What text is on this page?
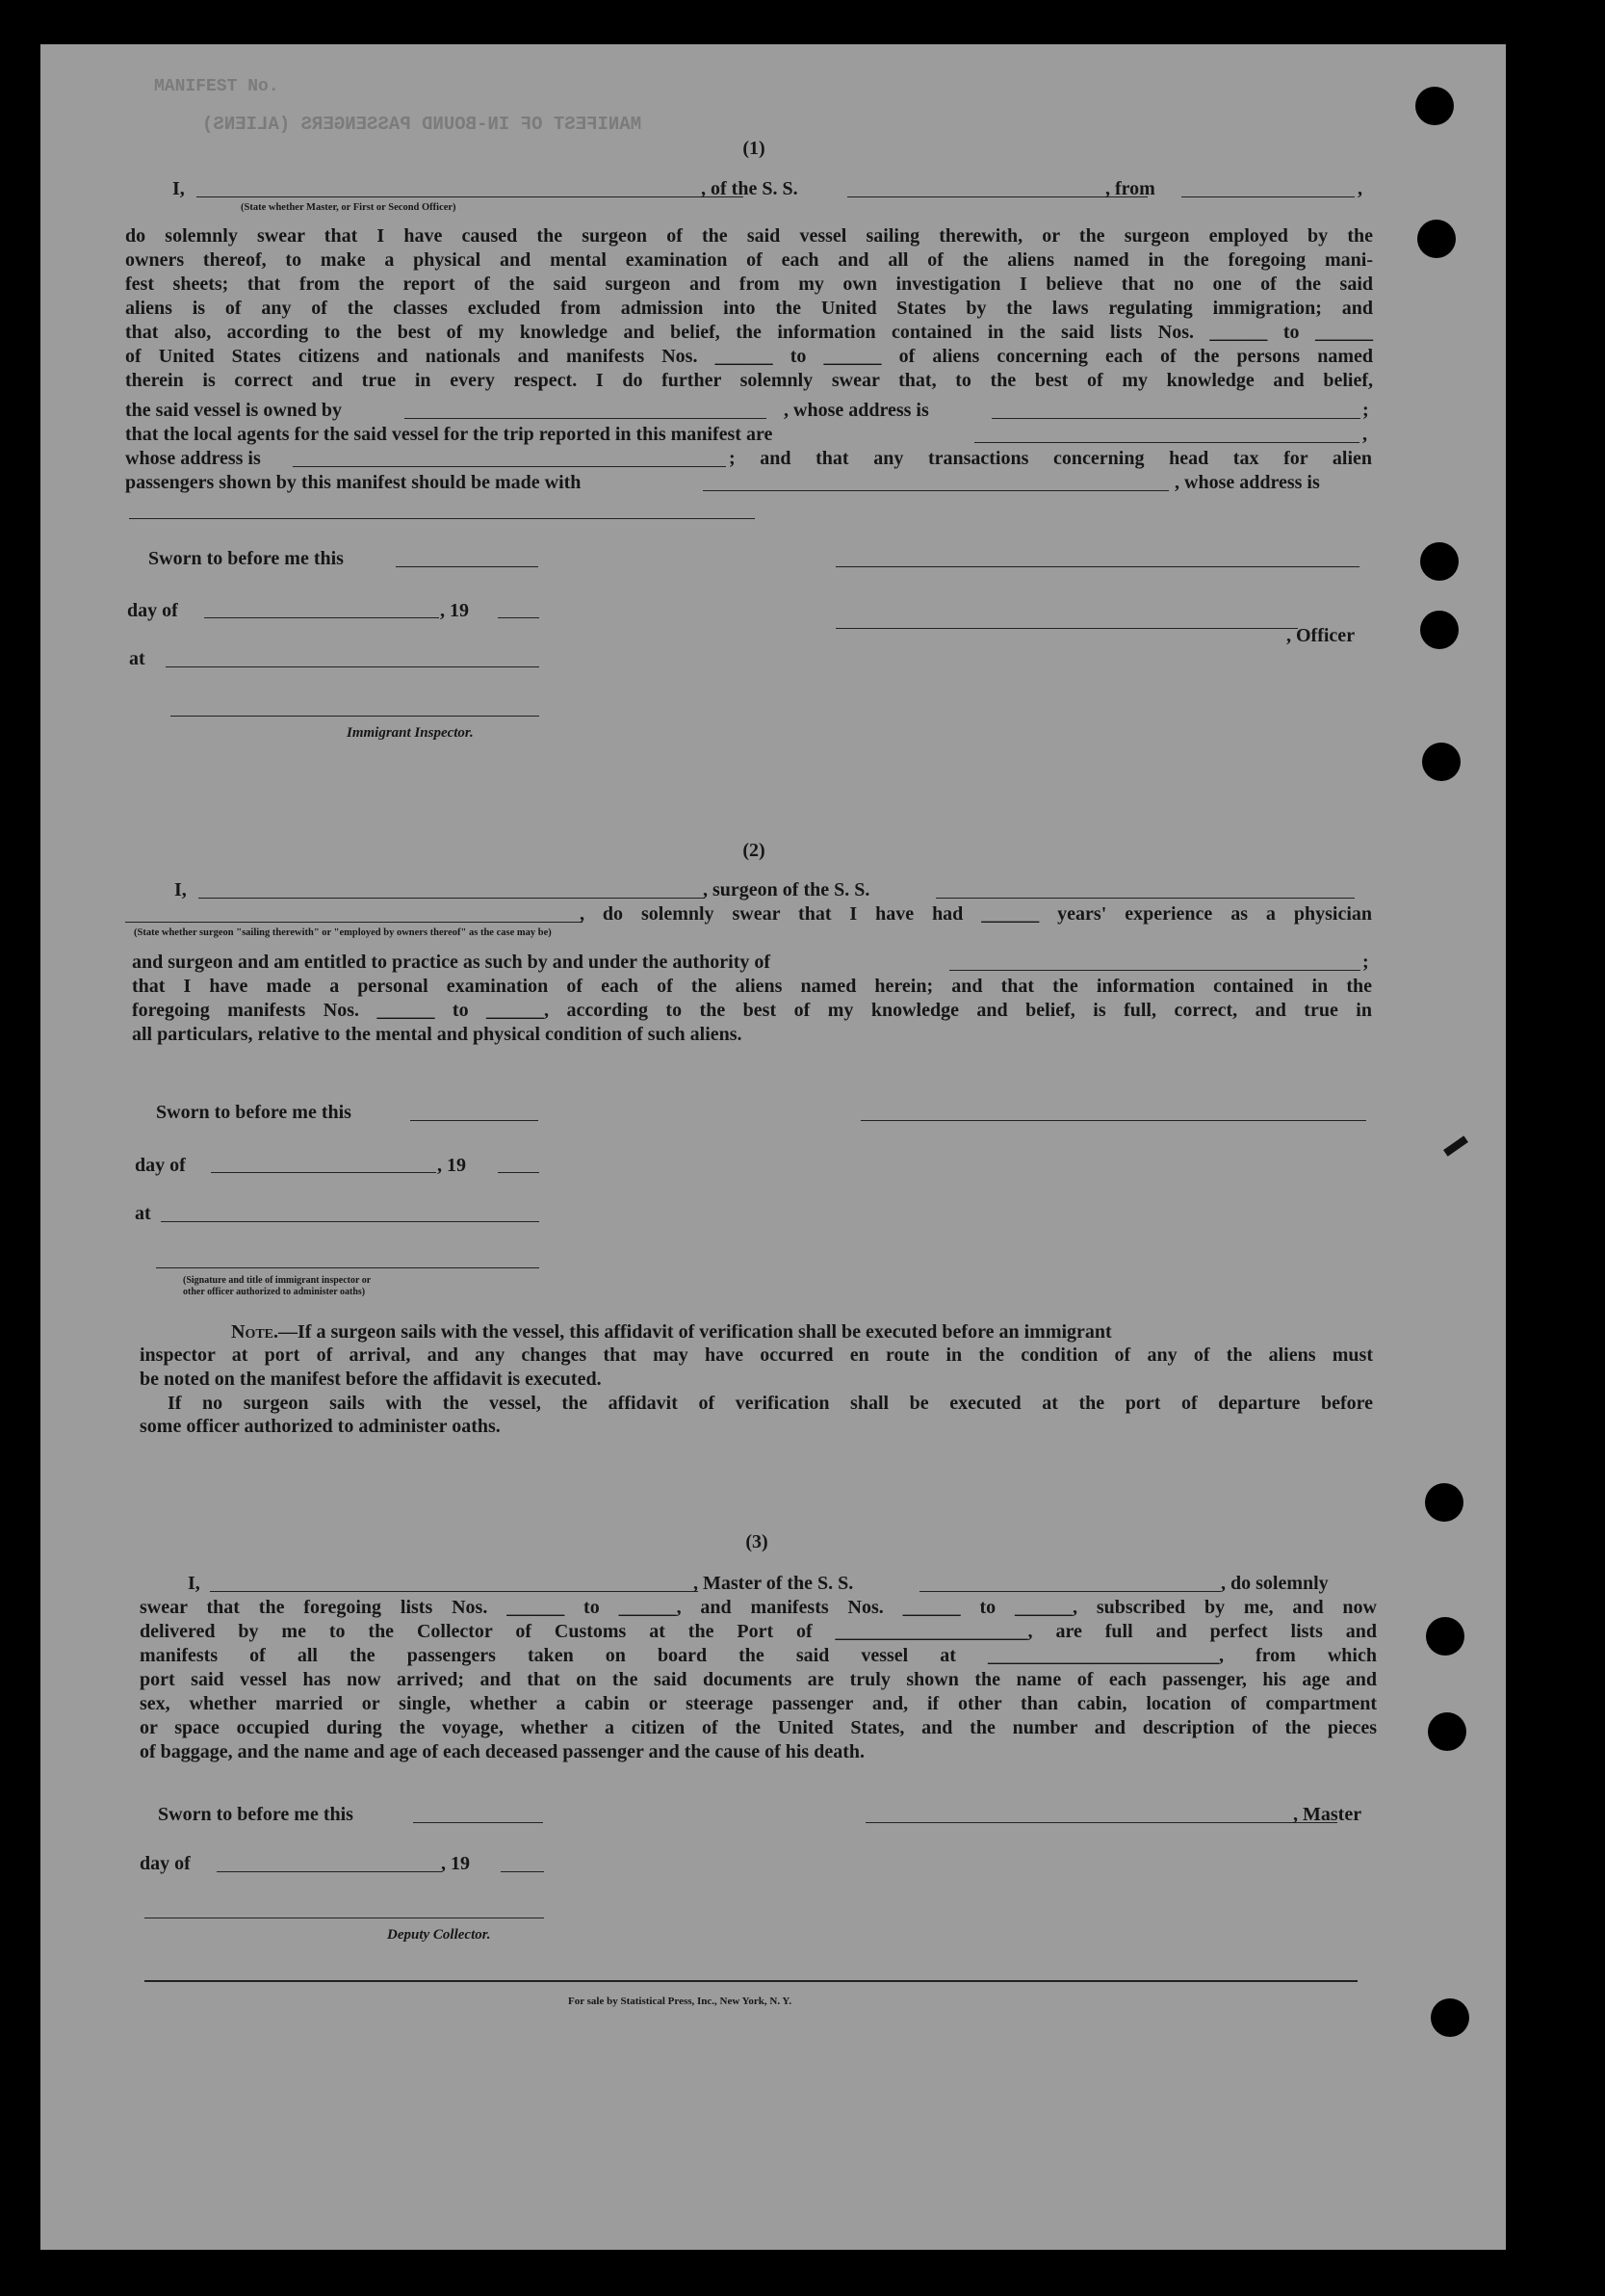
MANIFEST No.
MANIFEST OF IN-BOUND PASSENGERS (ALIENS)
(1)
I,	, of the S. S.	, from	,
(State whether Master, or First or Second Officer)
do solemnly swear that I have caused the surgeon of the said vessel sailing therewith, or the surgeon employed by the
owners thereof, to make a physical and mental examination of each and all of the aliens named in the foregoing mani-
fest sheets; that from the report of the said surgeon and from my own investigation I believe that no one of the said
aliens is of any of the classes excluded from admission into the United States by the laws regulating immigration; and
that also, according to the best of my knowledge and belief, the information contained in the said lists Nos. ______ to ______
of United States citizens and nationals and manifests Nos. ______ to ______ of aliens concerning each of the persons named
therein is correct and true in every respect. I do further solemnly swear that, to the best of my knowledge and belief,
the said vessel is owned by	, whose address is	;
that the local agents for the said vessel for the trip reported in this manifest are	,
whose address is	; and that any transactions concerning head tax for alien
passengers shown by this manifest should be made with	, whose address is
Sworn to before me this
day of	, 19
, Officer
at
Immigrant Inspector.
(2)
I,	, surgeon of the S. S.
, do solemnly swear that I have had ______ years' experience as a physician
(State whether surgeon "sailing therewith" or "employed by owners thereof" as the case may be)
and surgeon and am entitled to practice as such by and under the authority of	;
that I have made a personal examination of each of the aliens named herein; and that the information contained in the
foregoing manifests Nos. ______ to ______, according to the best of my knowledge and belief, is full, correct, and true in
all particulars, relative to the mental and physical condition of such aliens.
Sworn to before me this
day of	, 19
at
(Signature and title of immigrant inspector or
other officer authorized to administer oaths)
Note.—If a surgeon sails with the vessel, this affidavit of verification shall be executed before an immigrant
inspector at port of arrival, and any changes that may have occurred en route in the condition of any of the aliens must
be noted on the manifest before the affidavit is executed.
If no surgeon sails with the vessel, the affidavit of verification shall be executed at the port of departure before
some officer authorized to administer oaths.
(3)
I,	, Master of the S. S.	, do solemnly
swear that the foregoing lists Nos. ______ to ______, and manifests Nos. ______ to ______, subscribed by me, and now
delivered by me to the Collector of Customs at the Port of ____________________, are full and perfect lists and
manifests of all the passengers taken on board the said vessel at ________________________, from which
port said vessel has now arrived; and that on the said documents are truly shown the name of each passenger, his age and
sex, whether married or single, whether a cabin or steerage passenger and, if other than cabin, location of compartment
or space occupied during the voyage, whether a citizen of the United States, and the number and description of the pieces
of baggage, and the name and age of each deceased passenger and the cause of his death.
Sworn to before me this	, Master
day of	, 19
Deputy Collector.
For sale by Statistical Press, Inc., New York, N. Y.
